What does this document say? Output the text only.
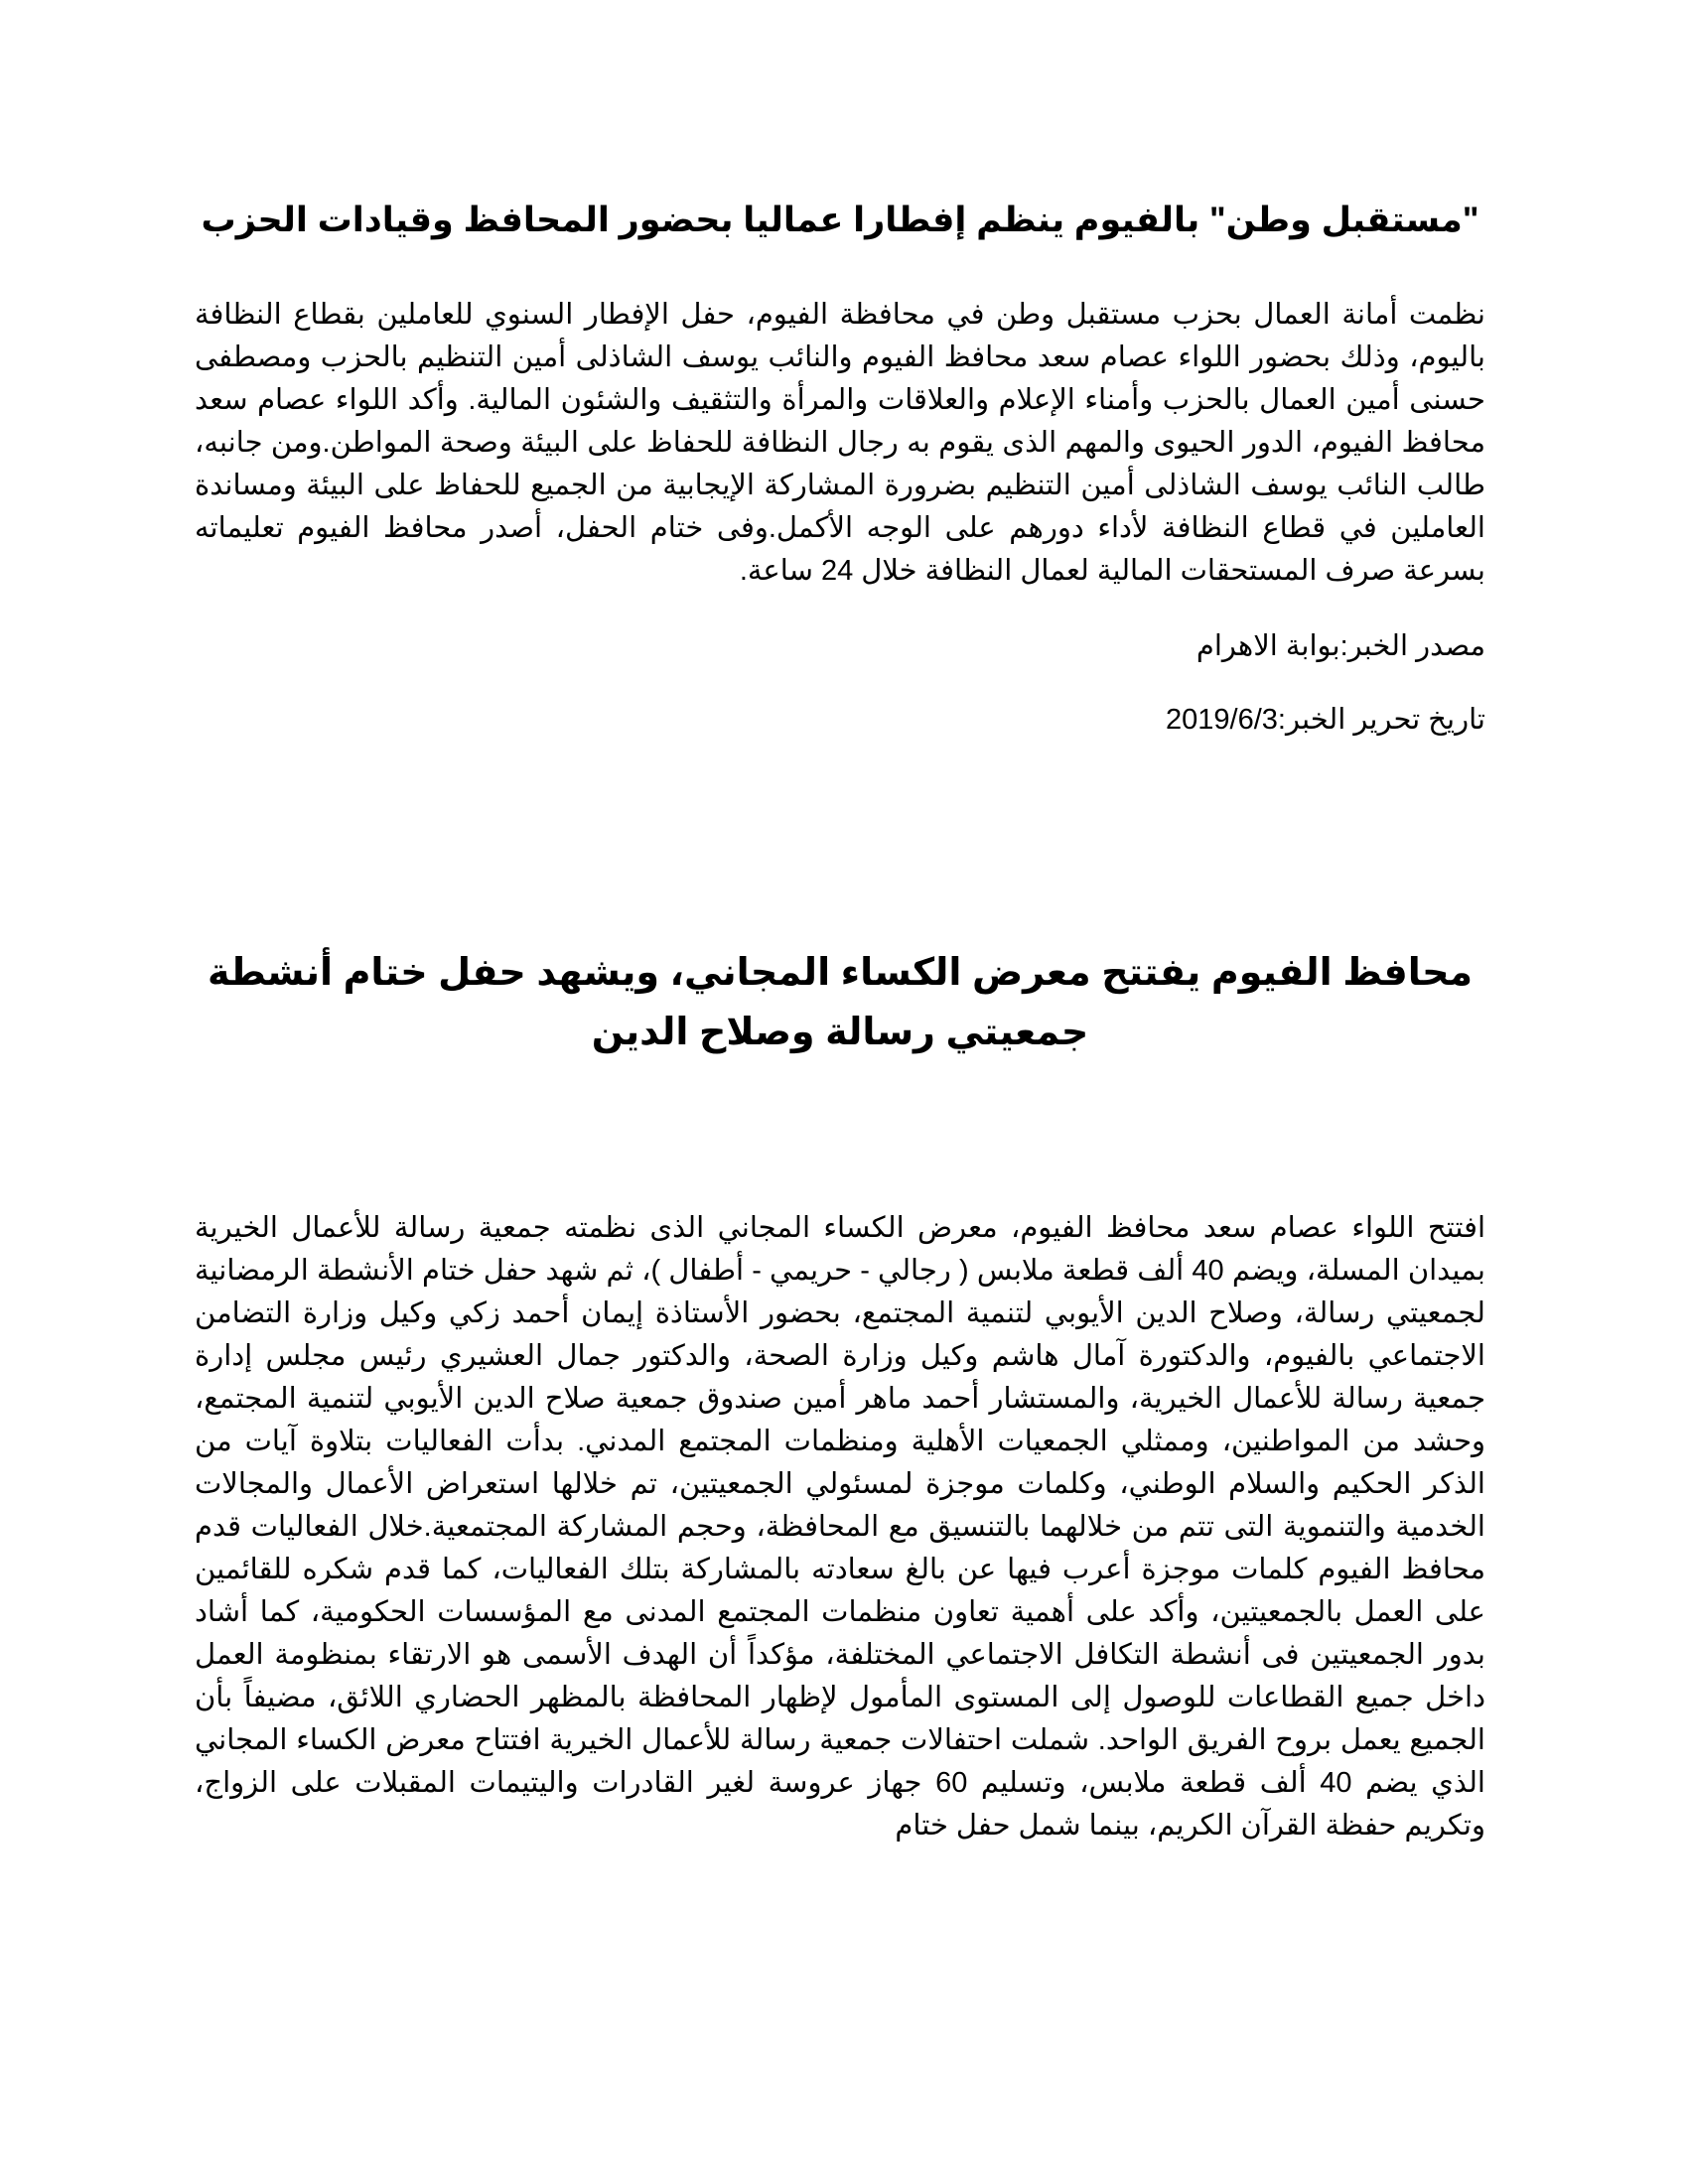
"مستقبل وطن" بالفيوم ينظم إفطارا عماليا بحضور المحافظ وقيادات الحزب

نظمت أمانة العمال بحزب مستقبل وطن في محافظة الفيوم، حفل الإفطار السنوي للعاملين بقطاع النظافة باليوم، وذلك بحضور اللواء عصام سعد محافظ الفيوم والنائب يوسف الشاذلى أمين التنظيم بالحزب ومصطفى حسنى أمين العمال بالحزب وأمناء الإعلام والعلاقات والمرأة والتثقيف والشئون المالية. وأكد اللواء عصام سعد محافظ الفيوم، الدور الحيوى والمهم الذى يقوم به رجال النظافة للحفاظ على البيئة وصحة المواطن.ومن جانبه، طالب النائب يوسف الشاذلى أمين التنظيم بضرورة المشاركة الإيجابية من الجميع للحفاظ على البيئة ومساندة العاملين في قطاع النظافة لأداء دورهم على الوجه الأكمل.وفى ختام الحفل، أصدر محافظ الفيوم تعليماته بسرعة صرف المستحقات المالية لعمال النظافة خلال 24 ساعة.

مصدر الخبر:بوابة الاهرام

تاريخ تحرير الخبر:2019/6/3

محافظ الفيوم يفتتح معرض الكساء المجاني، ويشهد حفل ختام أنشطة جمعيتي رسالة وصلاح الدين

افتتح اللواء عصام سعد محافظ الفيوم، معرض الكساء المجاني الذى نظمته جمعية رسالة للأعمال الخيرية بميدان المسلة، ويضم 40 ألف قطعة ملابس ( رجالي - حريمي - أطفال )، ثم شهد حفل ختام الأنشطة الرمضانية لجمعيتي رسالة، وصلاح الدين الأيوبي لتنمية المجتمع، بحضور الأستاذة إيمان أحمد زكي وكيل وزارة التضامن الاجتماعي بالفيوم، والدكتورة آمال هاشم وكيل وزارة الصحة، والدكتور جمال العشيري رئيس مجلس إدارة جمعية رسالة للأعمال الخيرية، والمستشار أحمد ماهر أمين صندوق جمعية صلاح الدين الأيوبي لتنمية المجتمع، وحشد من المواطنين، وممثلي الجمعيات الأهلية ومنظمات المجتمع المدني. بدأت الفعاليات بتلاوة آيات من الذكر الحكيم والسلام الوطني، وكلمات موجزة لمسئولي الجمعيتين، تم خلالها استعراض الأعمال والمجالات الخدمية والتنموية التى تتم من خلالهما بالتنسيق مع المحافظة، وحجم المشاركة المجتمعية.خلال الفعاليات قدم محافظ الفيوم كلمات موجزة أعرب فيها عن بالغ سعادته بالمشاركة بتلك الفعاليات، كما قدم شكره للقائمين على العمل بالجمعيتين، وأكد على أهمية تعاون منظمات المجتمع المدنى مع المؤسسات الحكومية، كما أشاد بدور الجمعيتين فى أنشطة التكافل الاجتماعي المختلفة، مؤكداً أن الهدف الأسمى هو الارتقاء بمنظومة العمل داخل جميع القطاعات للوصول إلى المستوى المأمول لإظهار المحافظة بالمظهر الحضاري اللائق، مضيفاً بأن الجميع يعمل بروح الفريق الواحد. شملت احتفالات جمعية رسالة للأعمال الخيرية افتتاح معرض الكساء المجاني الذي يضم 40 ألف قطعة ملابس، وتسليم 60 جهاز عروسة لغير القادرات واليتيمات المقبلات على الزواج، وتكريم حفظة القرآن الكريم، بينما شمل حفل ختام
